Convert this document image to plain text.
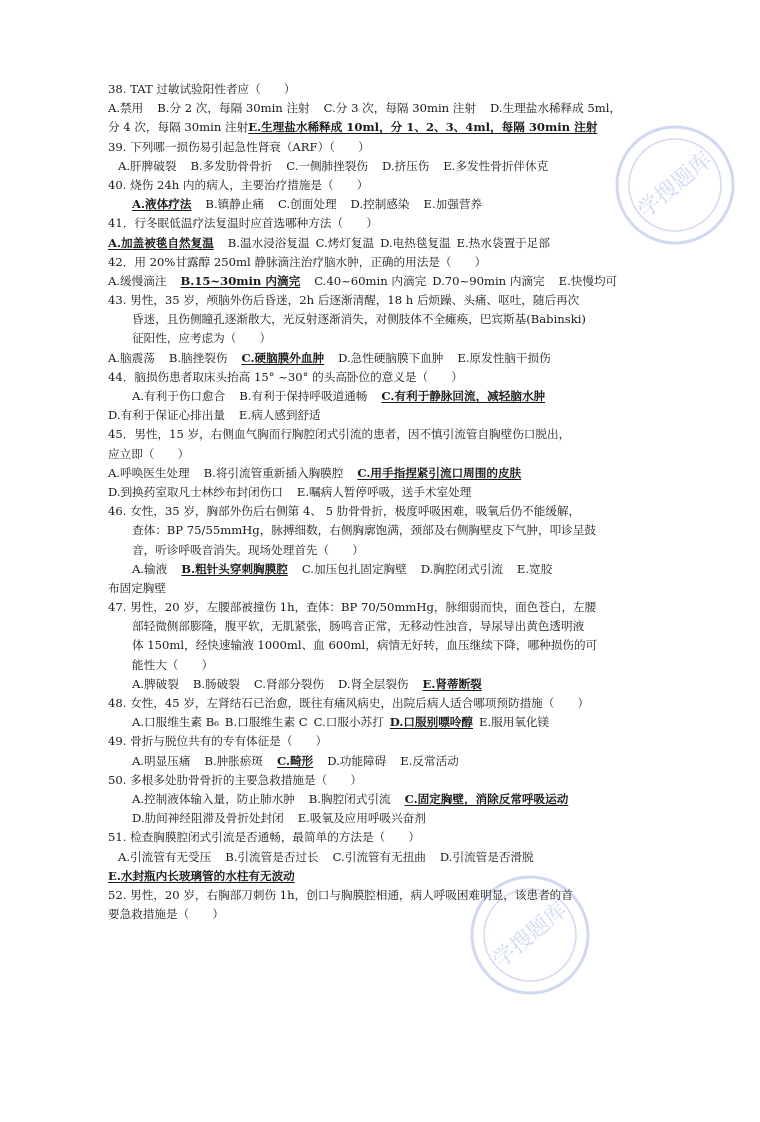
学搜题库
学搜题库
38. TAT 过敏试验阳性者应（　　）
A.禁用 B.分 2 次，每隔 30min 注射 C.分 3 次，每隔 30min 注射 D.生理盐水稀释成 5ml，
分 4 次，每隔 30min 注射E.生理盐水稀释成 10ml，分 1、2、3、4ml，每隔 30min 注射
39. 下列哪一损伤易引起急性肾衰（ARF）（　　）
A.肝脾破裂 B.多发肋骨骨折 C.一侧肺挫裂伤 D.挤压伤 E.多发性骨折伴休克
40. 烧伤 24h 内的病人，主要治疗措施是（　　）
A.液体疗法 B.镇静止痛 C.创面处理 D.控制感染 E.加强营养
41．行冬眠低温疗法复温时应首选哪种方法（　　）
A.加盖被毯自然复温 B.温水浸浴复温 C.烤灯复温 D.电热毯复温 E.热水袋置于足部
42．用 20%甘露醇 250ml 静脉滴注治疗脑水肿，正确的用法是（　　）
A.缓慢滴注 B.15~30min 内滴完 C.40~60min 内滴完 D.70~90min 内滴完 E.快慢均可
43. 男性，35 岁，颅脑外伤后昏迷，2h 后逐渐清醒，18 h 后烦躁、头痛、呕吐，随后再次
昏迷，且伤侧瞳孔逐渐散大，光反射逐渐消失，对侧肢体不全瘫痪，巴宾斯基(Babinski)
征阳性，应考虑为（　　）
A.脑震荡 B.脑挫裂伤 C.硬脑膜外血肿 D.急性硬脑膜下血肿 E.原发性脑干损伤
44．脑损伤患者取床头抬高 15° ~30° 的头高卧位的意义是（　　）
A.有利于伤口愈合 B.有利于保持呼吸道通畅 C.有利于静脉回流，减轻脑水肿
D.有利于保证心排出量 E.病人感到舒适
45．男性，15 岁，右侧血气胸而行胸腔闭式引流的患者，因不慎引流管自胸壁伤口脱出，
应立即（　　）
A.呼唤医生处理 B.将引流管重新插入胸膜腔 C.用手指捏紧引流口周围的皮肤
D.到换药室取凡士林纱布封闭伤口 E.嘱病人暂停呼吸，送手术室处理
46. 女性，35 岁，胸部外伤后右侧第 4、 5 肋骨骨折，极度呼吸困难，吸氧后仍不能缓解，
查体：BP 75/55mmHg，脉搏细数，右侧胸廓饱满，颈部及右侧胸壁皮下气肿，叩诊呈鼓
音，听诊呼吸音消失。现场处理首先（　　）
A.输液 B.粗针头穿刺胸膜腔 C.加压包扎固定胸壁 D.胸腔闭式引流 E.宽胶
布固定胸壁
47. 男性，20 岁，左腰部被撞伤 1h，查体：BP 70/50mmHg，脉细弱而快，面色苍白，左腰
部轻微侧部膨隆，腹平软，无肌紧张，肠鸣音正常，无移动性浊音，导尿导出黄色透明液
体 150ml，经快速输液 1000ml、血 600ml，病情无好转，血压继续下降，哪种损伤的可
能性大（　　）
A.脾破裂 B.肠破裂 C.肾部分裂伤 D.肾全层裂伤 E.肾蒂断裂
48. 女性，45 岁，左肾结石已治愈，既往有痛风病史，出院后病人适合哪项预防措施（　　）
A.口服维生素 B₆ B.口服维生素 C C.口服小苏打 D.口服别嘌呤醇 E.服用氧化镁
49. 骨折与脱位共有的专有体征是（　　）
A.明显压痛 B.肿胀瘀斑 C.畸形 D.功能障碍 E.反常活动
50. 多根多处肋骨骨折的主要急救措施是（　　）
A.控制液体输入量，防止肺水肿 B.胸腔闭式引流 C.固定胸壁，消除反常呼吸运动
D.肋间神经阻滞及骨折处封闭 E.吸氧及应用呼吸兴奋剂
51. 检查胸膜腔闭式引流是否通畅，最简单的方法是（　　）
A.引流管有无受压 B.引流管是否过长 C.引流管有无扭曲 D.引流管是否滑脱
E.水封瓶内长玻璃管的水柱有无波动
52. 男性，20 岁，右胸部刀刺伤 1h，创口与胸膜腔相通，病人呼吸困难明显，该患者的首
要急救措施是（　　）
